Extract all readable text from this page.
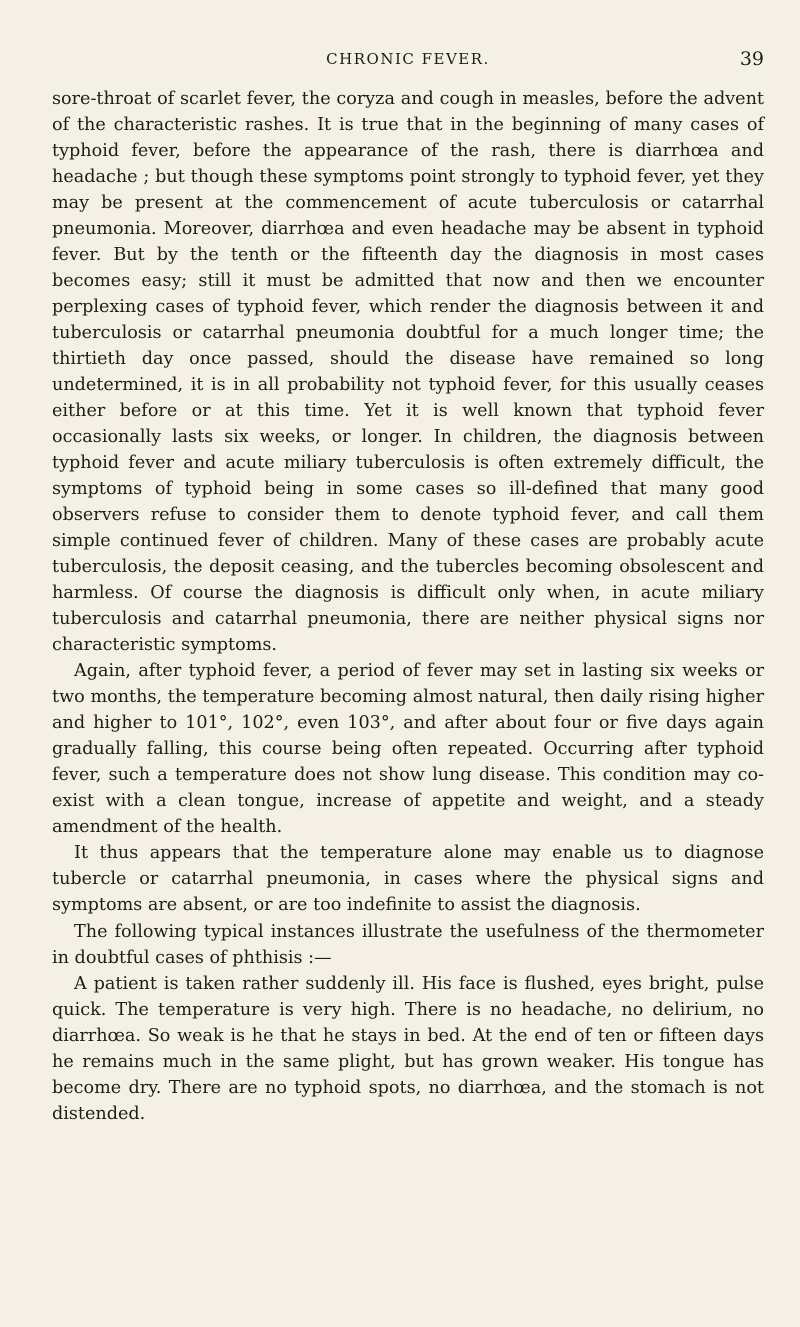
CHRONIC FEVER.	39

sore-throat of scarlet fever, the coryza and cough in measles, before the advent of the characteristic rashes. It is true that in the beginning of many cases of typhoid fever, before the appearance of the rash, there is diarrhœa and headache ; but though these symptoms point strongly to typhoid fever, yet they may be present at the commencement of acute tuberculosis or catarrhal pneumonia. Moreover, diarrhœa and even headache may be absent in typhoid fever. But by the tenth or the fifteenth day the diagnosis in most cases becomes easy; still it must be admitted that now and then we encounter perplexing cases of typhoid fever, which render the diagnosis between it and tuberculosis or catarrhal pneumonia doubtful for a much longer time; the thirtieth day once passed, should the disease have remained so long undetermined, it is in all probability not typhoid fever, for this usually ceases either before or at this time. Yet it is well known that typhoid fever occasionally lasts six weeks, or longer. In children, the diagnosis between typhoid fever and acute miliary tuberculosis is often extremely difficult, the symptoms of typhoid being in some cases so ill-defined that many good observers refuse to consider them to denote typhoid fever, and call them simple continued fever of children. Many of these cases are probably acute tuberculosis, the deposit ceasing, and the tubercles becoming obsolescent and harmless. Of course the diagnosis is difficult only when, in acute miliary tuberculosis and catarrhal pneumonia, there are neither physical signs nor characteristic symptoms.

Again, after typhoid fever, a period of fever may set in lasting six weeks or two months, the temperature becoming almost natural, then daily rising higher and higher to 101°, 102°, even 103°, and after about four or five days again gradually falling, this course being often repeated. Occurring after typhoid fever, such a temperature does not show lung disease. This condition may co-exist with a clean tongue, increase of appetite and weight, and a steady amendment of the health.

It thus appears that the temperature alone may enable us to diagnose tubercle or catarrhal pneumonia, in cases where the physical signs and symptoms are absent, or are too indefinite to assist the diagnosis.

The following typical instances illustrate the usefulness of the thermometer in doubtful cases of phthisis :—

A patient is taken rather suddenly ill. His face is flushed, eyes bright, pulse quick. The temperature is very high. There is no headache, no delirium, no diarrhœa. So weak is he that he stays in bed. At the end of ten or fifteen days he remains much in the same plight, but has grown weaker. His tongue has become dry. There are no typhoid spots, no diarrhœa, and the stomach is not distended.
